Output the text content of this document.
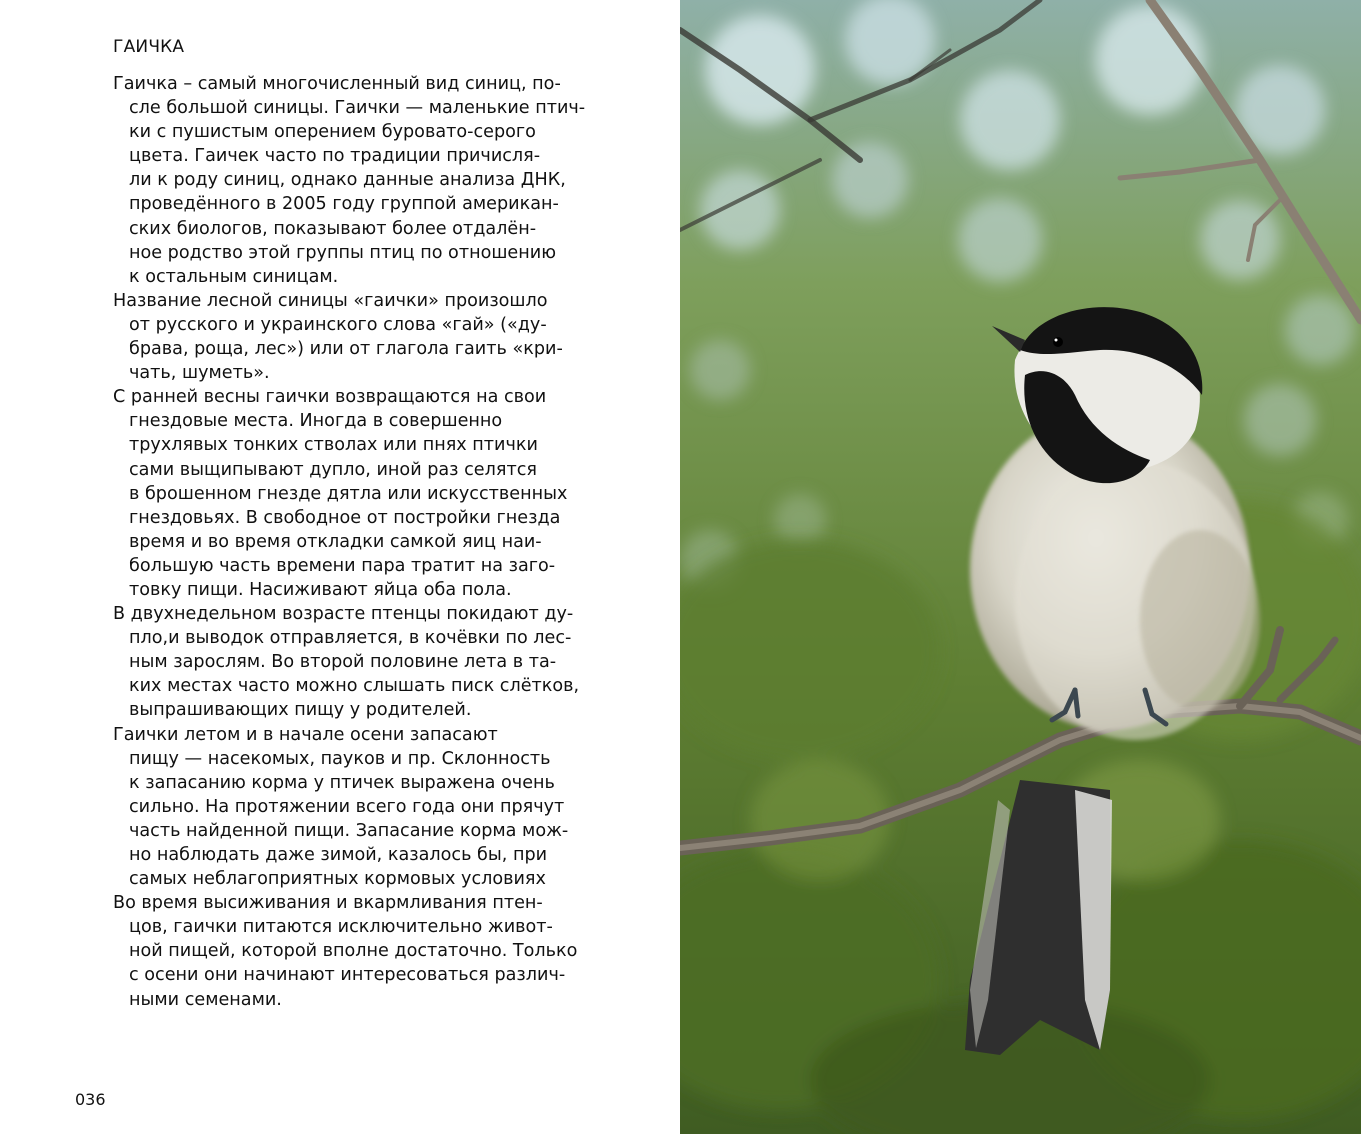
ГАИЧКА
Гаичка – самый многочисленный вид синиц, по-
сле большой синицы. Гаички — маленькие птич-
ки с пушистым оперением буровато-серого
цвета. Гаичек часто по традиции причисля-
ли к роду синиц, однако данные анализа ДНК,
проведённого в 2005 году группой американ-
ских биологов, показывают более отдалён-
ное родство этой группы птиц по отношению
к остальным синицам.
Название лесной синицы «гаички» произошло
от русского и украинского слова «гай» («ду-
брава, роща, лес») или от глагола гаить «кри-
чать, шуметь».
С ранней весны гаички возвращаются на свои
гнездовые места. Иногда в совершенно
трухлявых тонких стволах или пнях птички
сами выщипывают дупло, иной раз селятся
в брошенном гнезде дятла или искусственных
гнездовьях. В свободное от постройки гнезда
время и во время откладки самкой яиц наи-
большую часть времени пара тратит на заго-
товку пищи. Насиживают яйца оба пола.
В двухнедельном возрасте птенцы покидают ду-
пло,и выводок отправляется, в кочёвки по лес-
ным зарослям. Во второй половине лета в та-
ких местах часто можно слышать писк слётков,
выпрашивающих пищу у родителей.
Гаички летом и в начале осени запасают
пищу — насекомых, пауков и пр. Склонность
к запасанию корма у птичек выражена очень
сильно. На протяжении всего года они прячут
часть найденной пищи. Запасание корма мож-
но наблюдать даже зимой, казалось бы, при
самых неблагоприятных кормовых условиях
Во время высиживания и вкармливания птен-
цов, гаички питаются исключительно живот-
ной пищей, которой вполне достаточно. Только
с осени они начинают интересоваться различ-
ными семенами.
036
